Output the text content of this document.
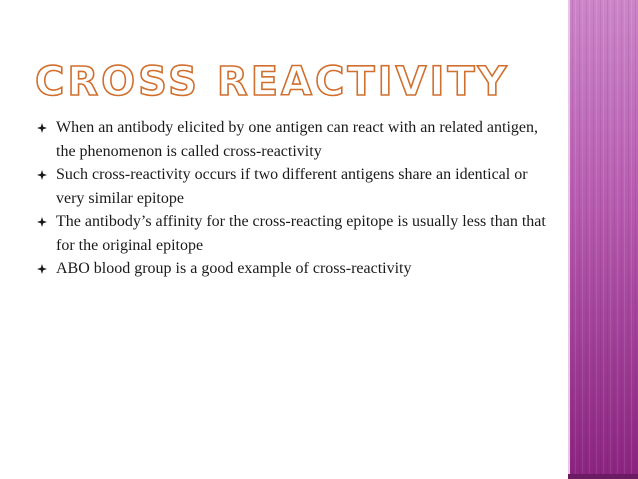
CROSS REACTIVITY
When an antibody elicited by one antigen can react with an related antigen, the phenomenon is called cross-reactivity
Such cross-reactivity occurs if two different antigens share an identical or very similar epitope
The antibody’s affinity for the cross-reacting epitope is usually less than that for the original epitope
ABO blood group is a good example of cross-reactivity
